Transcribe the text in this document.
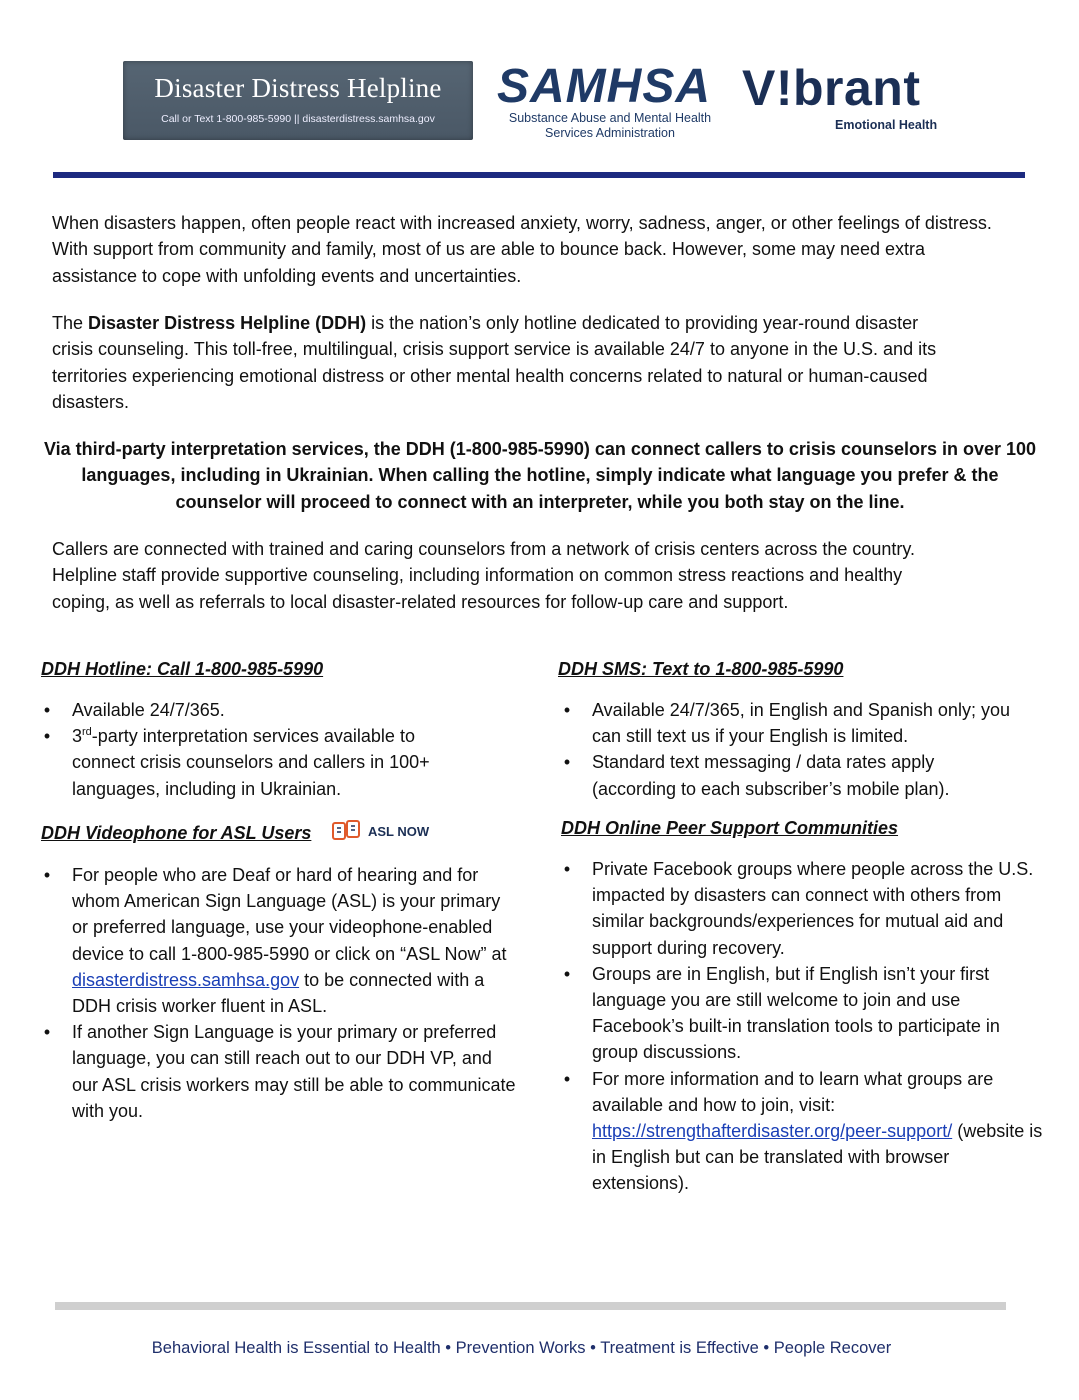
Disaster Distress Helpline
Call or Text 1-800-985-5990 || disasterdistress.samhsa.gov
SAMHSA
Substance Abuse and Mental Health Services Administration
V!brant
Emotional Health

When disasters happen, often people react with increased anxiety, worry, sadness, anger, or other feelings of distress. With support from community and family, most of us are able to bounce back. However, some may need extra assistance to cope with unfolding events and uncertainties.

The Disaster Distress Helpline (DDH) is the nation’s only hotline dedicated to providing year-round disaster crisis counseling. This toll-free, multilingual, crisis support service is available 24/7 to anyone in the U.S. and its territories experiencing emotional distress or other mental health concerns related to natural or human-caused disasters.

Via third-party interpretation services, the DDH (1-800-985-5990) can connect callers to crisis counselors in over 100 languages, including in Ukrainian. When calling the hotline, simply indicate what language you prefer & the counselor will proceed to connect with an interpreter, while you both stay on the line.

Callers are connected with trained and caring counselors from a network of crisis centers across the country. Helpline staff provide supportive counseling, including information on common stress reactions and healthy coping, as well as referrals to local disaster-related resources for follow-up care and support.

DDH Hotline: Call 1-800-985-5990
• Available 24/7/365.
• 3rd-party interpretation services available to connect crisis counselors and callers in 100+ languages, including in Ukrainian.
DDH SMS: Text to 1-800-985-5990
• Available 24/7/365, in English and Spanish only; you can still text us if your English is limited.
• Standard text messaging / data rates apply (according to each subscriber’s mobile plan).
DDH Videophone for ASL Users	ASL NOW
• For people who are Deaf or hard of hearing and for whom American Sign Language (ASL) is your primary or preferred language, use your videophone-enabled device to call 1-800-985-5990 or click on “ASL Now” at disasterdistress.samhsa.gov to be connected with a DDH crisis worker fluent in ASL.
• If another Sign Language is your primary or preferred language, you can still reach out to our DDH VP, and our ASL crisis workers may still be able to communicate with you.
DDH Online Peer Support Communities
• Private Facebook groups where people across the U.S. impacted by disasters can connect with others from similar backgrounds/experiences for mutual aid and support during recovery.
• Groups are in English, but if English isn’t your first language you are still welcome to join and use Facebook’s built-in translation tools to participate in group discussions.
• For more information and to learn what groups are available and how to join, visit: https://strengthafterdisaster.org/peer-support/ (website is in English but can be translated with browser extensions).
Behavioral Health is Essential to Health • Prevention Works • Treatment is Effective • People Recover
